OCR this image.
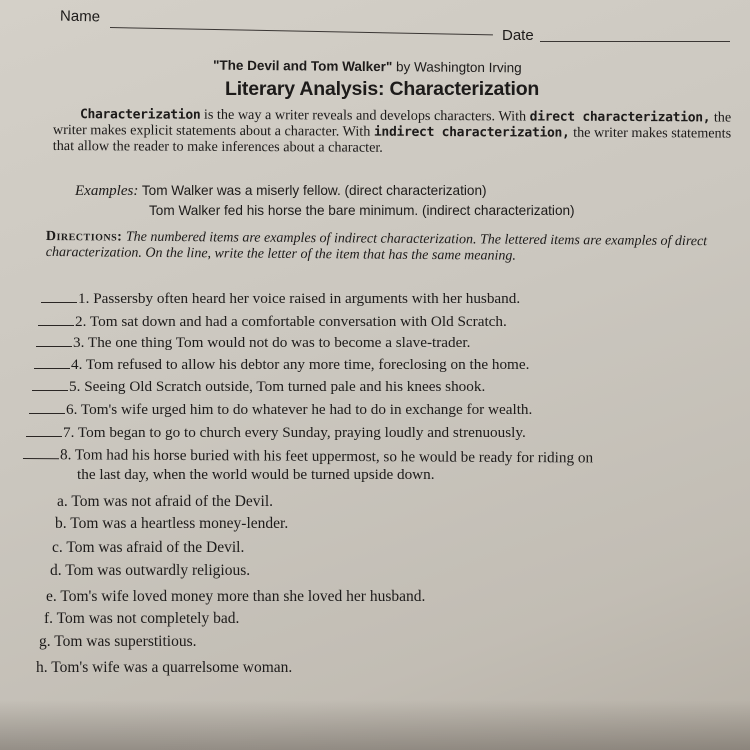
Name
Date
"The Devil and Tom Walker" by Washington Irving
Literary Analysis: Characterization
Characterization is the way a writer reveals and develops characters. With direct characterization, the writer makes explicit statements about a character. With indirect characterization, the writer makes statements that allow the reader to make inferences about a character.
Examples: Tom Walker was a miserly fellow. (direct characterization)
Tom Walker fed his horse the bare minimum. (indirect characterization)
Directions: The numbered items are examples of indirect characterization. The lettered items are examples of direct characterization. On the line, write the letter of the item that has the same meaning.
1. Passersby often heard her voice raised in arguments with her husband.
2. Tom sat down and had a comfortable conversation with Old Scratch.
3. The one thing Tom would not do was to become a slave-trader.
4. Tom refused to allow his debtor any more time, foreclosing on the home.
5. Seeing Old Scratch outside, Tom turned pale and his knees shook.
6. Tom's wife urged him to do whatever he had to do in exchange for wealth.
7. Tom began to go to church every Sunday, praying loudly and strenuously.
8. Tom had his horse buried with his feet uppermost, so he would be ready for riding on
the last day, when the world would be turned upside down.
a. Tom was not afraid of the Devil.
b. Tom was a heartless money-lender.
c. Tom was afraid of the Devil.
d. Tom was outwardly religious.
e. Tom's wife loved money more than she loved her husband.
f. Tom was not completely bad.
g. Tom was superstitious.
h. Tom's wife was a quarrelsome woman.
